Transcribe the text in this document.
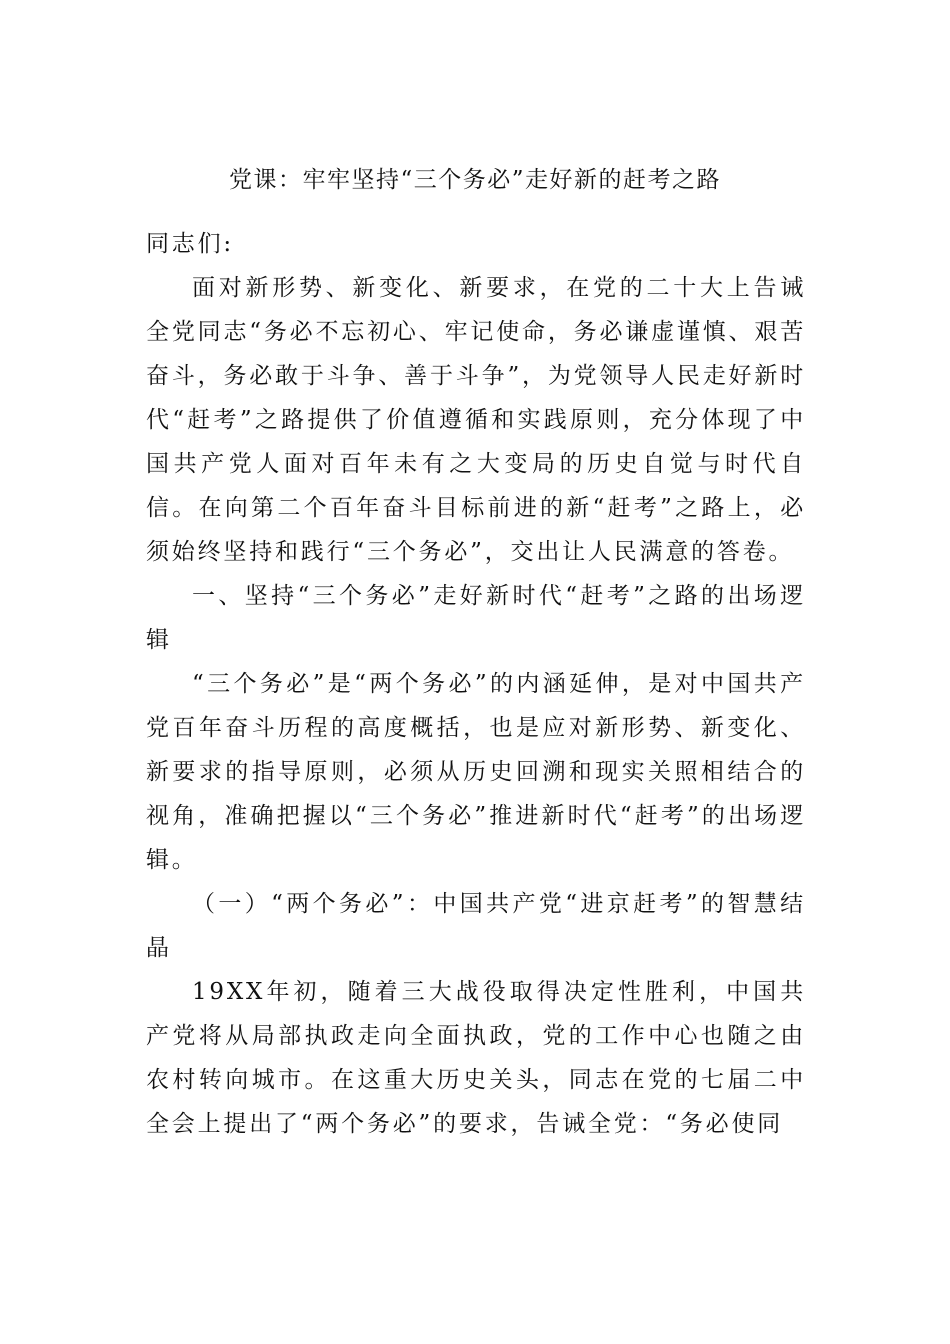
党课：牢牢坚持“三个务必”走好新的赶考之路

同志们:

面对新形势、新变化、新要求，在党的二十大上告诫全党同志“务必不忘初心、牢记使命，务必谦虚谨慎、艰苦奋斗，务必敢于斗争、善于斗争”，为党领导人民走好新时代“赶考”之路提供了价值遵循和实践原则，充分体现了中国共产党人面对百年未有之大变局的历史自觉与时代自信。在向第二个百年奋斗目标前进的新“赶考”之路上，必须始终坚持和践行“三个务必”，交出让人民满意的答卷。

一、坚持“三个务必”走好新时代“赶考”之路的出场逻辑

“三个务必”是“两个务必”的内涵延伸，是对中国共产党百年奋斗历程的高度概括，也是应对新形势、新变化、新要求的指导原则，必须从历史回溯和现实关照相结合的视角，准确把握以“三个务必”推进新时代“赶考”的出场逻辑。

（一）“两个务必”：中国共产党“进京赶考”的智慧结晶

19XX年初，随着三大战役取得决定性胜利，中国共产党将从局部执政走向全面执政，党的工作中心也随之由农村转向城市。在这重大历史关头，同志在党的七届二中全会上提出了“两个务必”的要求，告诫全党：“务必使同
